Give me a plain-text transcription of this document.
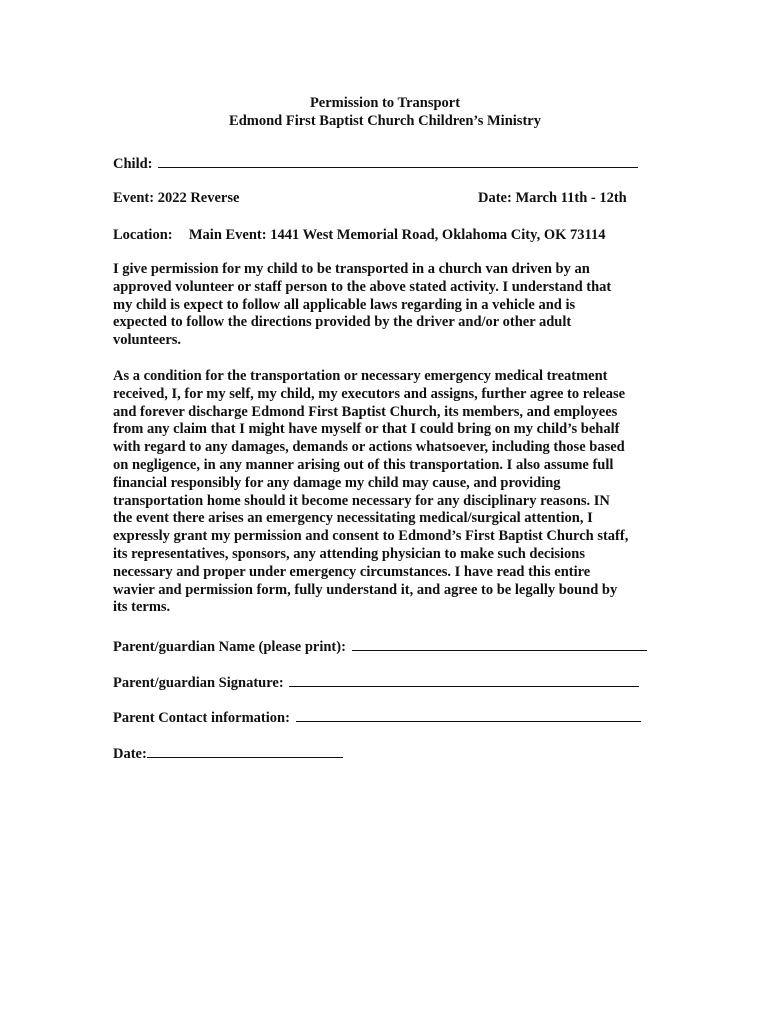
Permission to Transport
Edmond First Baptist Church Children’s Ministry
Child:
Event: 2022 Reverse	Date: March 11th - 12th
Location: Main Event: 1441 West Memorial Road, Oklahoma City, OK 73114
I give permission for my child to be transported in a church van driven by an
approved volunteer or staff person to the above stated activity. I understand that
my child is expect to follow all applicable laws regarding in a vehicle and is
expected to follow the directions provided by the driver and/or other adult
volunteers.
As a condition for the transportation or necessary emergency medical treatment
received, I, for my self, my child, my executors and assigns, further agree to release
and forever discharge Edmond First Baptist Church, its members, and employees
from any claim that I might have myself or that I could bring on my child’s behalf
with regard to any damages, demands or actions whatsoever, including those based
on negligence, in any manner arising out of this transportation. I also assume full
financial responsibly for any damage my child may cause, and providing
transportation home should it become necessary for any disciplinary reasons. IN
the event there arises an emergency necessitating medical/surgical attention, I
expressly grant my permission and consent to Edmond’s First Baptist Church staff,
its representatives, sponsors, any attending physician to make such decisions
necessary and proper under emergency circumstances. I have read this entire
wavier and permission form, fully understand it, and agree to be legally bound by
its terms.
Parent/guardian Name (please print):
Parent/guardian Signature:
Parent Contact information:
Date:
